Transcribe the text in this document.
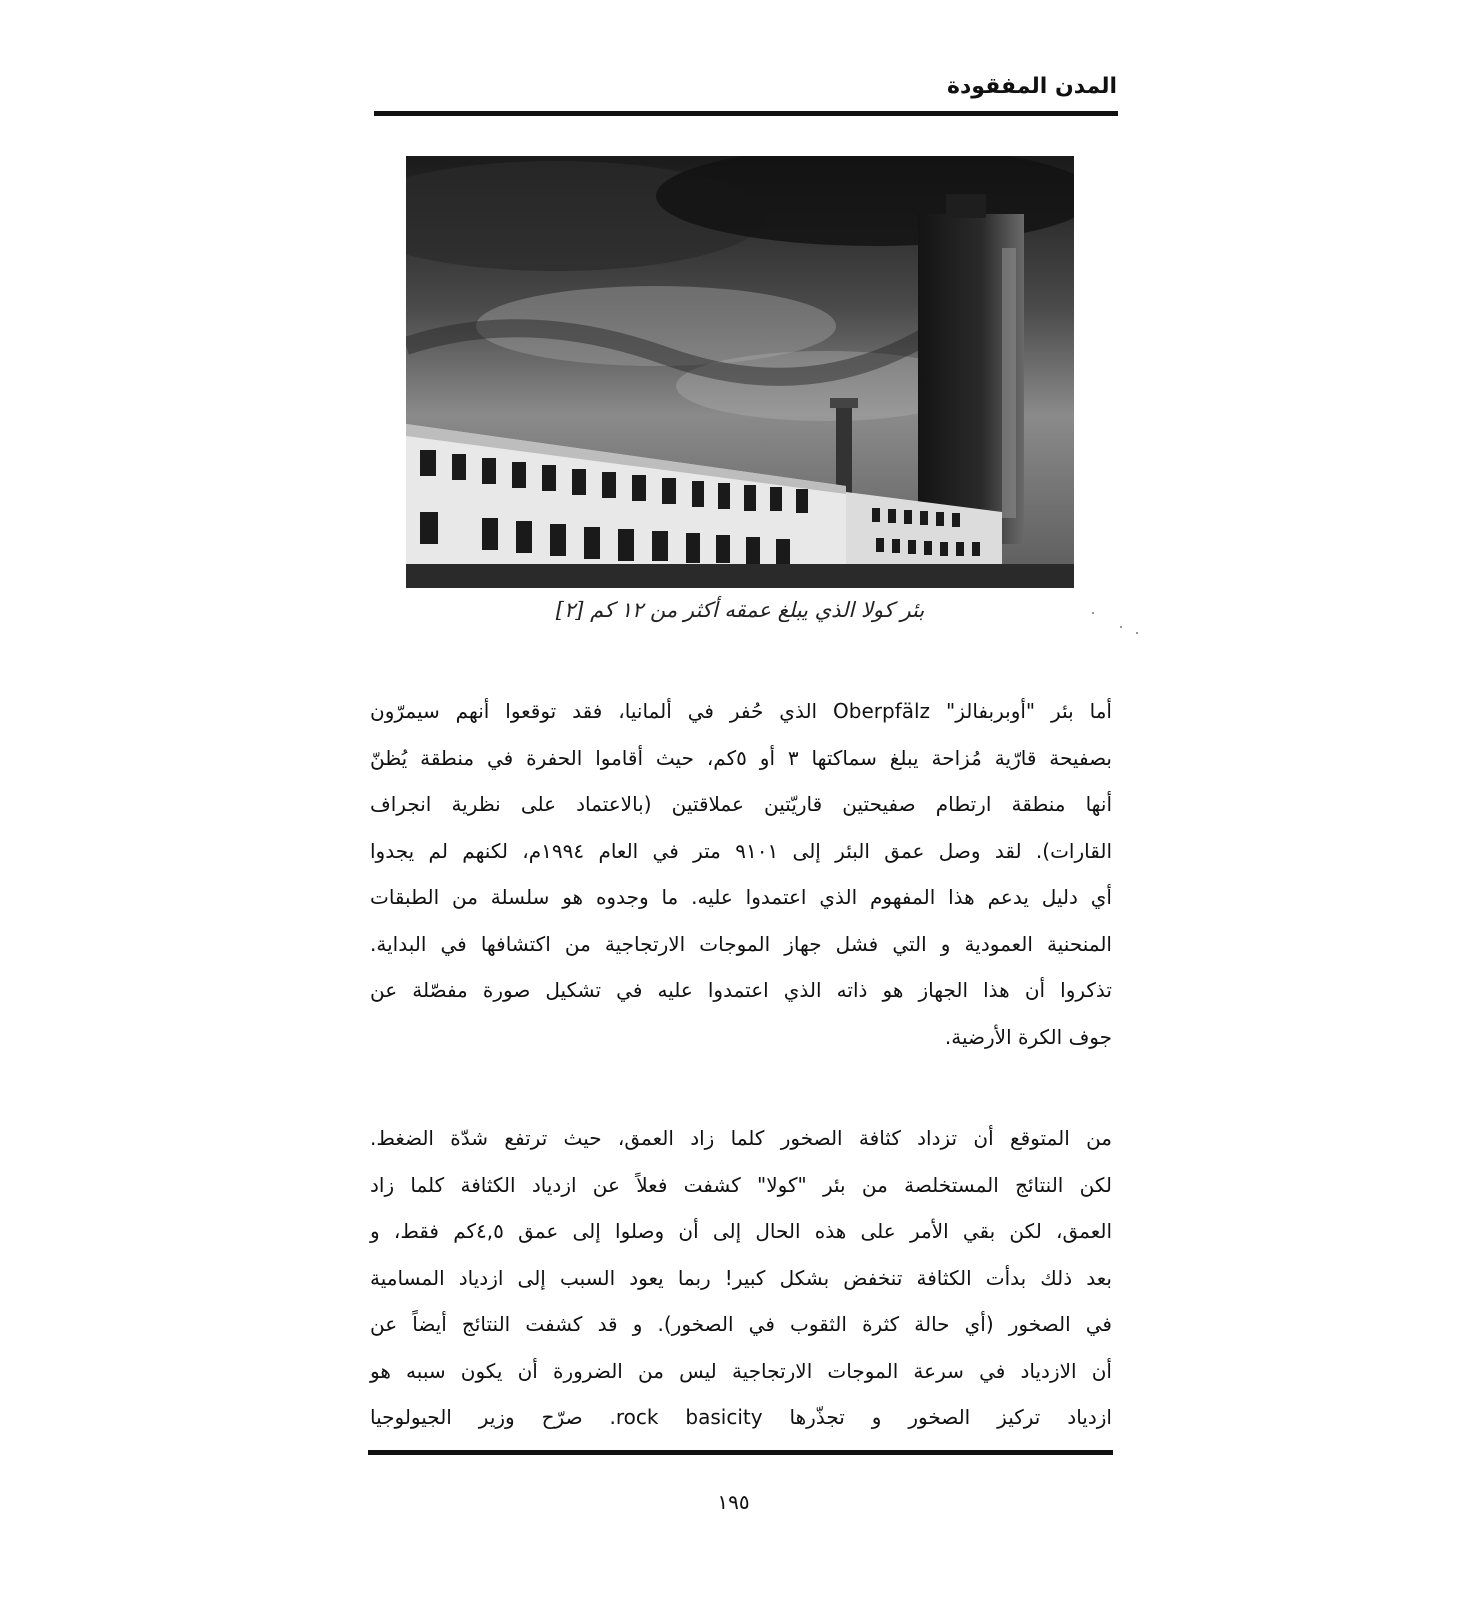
المدن المفقودة
بئر كولا الذي يبلغ عمقه أكثر من ١٢ كم [٢]
أما بئر "أوبربفالز" Oberpfälz الذي حُفر في ألمانيا، فقد توقعوا أنهم سيمرّون
بصفيحة قارّية مُزاحة يبلغ سماكتها ٣ أو ٥كم، حيث أقاموا الحفرة في منطقة يُظنّ
أنها منطقة ارتطام صفيحتين قاريّتين عملاقتين (بالاعتماد على نظرية انجراف
القارات). لقد وصل عمق البئر إلى ٩١٠١ متر في العام ١٩٩٤م، لكنهم لم يجدوا
أي دليل يدعم هذا المفهوم الذي اعتمدوا عليه. ما وجدوه هو سلسلة من الطبقات
المنحنية العمودية و التي فشل جهاز الموجات الارتجاجية من اكتشافها في البداية.
تذكروا أن هذا الجهاز هو ذاته الذي اعتمدوا عليه في تشكيل صورة مفصّلة عن
جوف الكرة الأرضية.
من المتوقع أن تزداد كثافة الصخور كلما زاد العمق، حيث ترتفع شدّة الضغط.
لكن النتائج المستخلصة من بئر "كولا" كشفت فعلاً عن ازدياد الكثافة كلما زاد
العمق، لكن بقي الأمر على هذه الحال إلى أن وصلوا إلى عمق ٤,٥كم فقط، و
بعد ذلك بدأت الكثافة تنخفض بشكل كبير! ربما يعود السبب إلى ازدياد المسامية
في الصخور (أي حالة كثرة الثقوب في الصخور). و قد كشفت النتائج أيضاً عن
أن الازدياد في سرعة الموجات الارتجاجية ليس من الضرورة أن يكون سببه هو
ازدياد تركيز الصخور و تجذّرها rock basicity. صرّح وزير الجيولوجيا
١٩٥
